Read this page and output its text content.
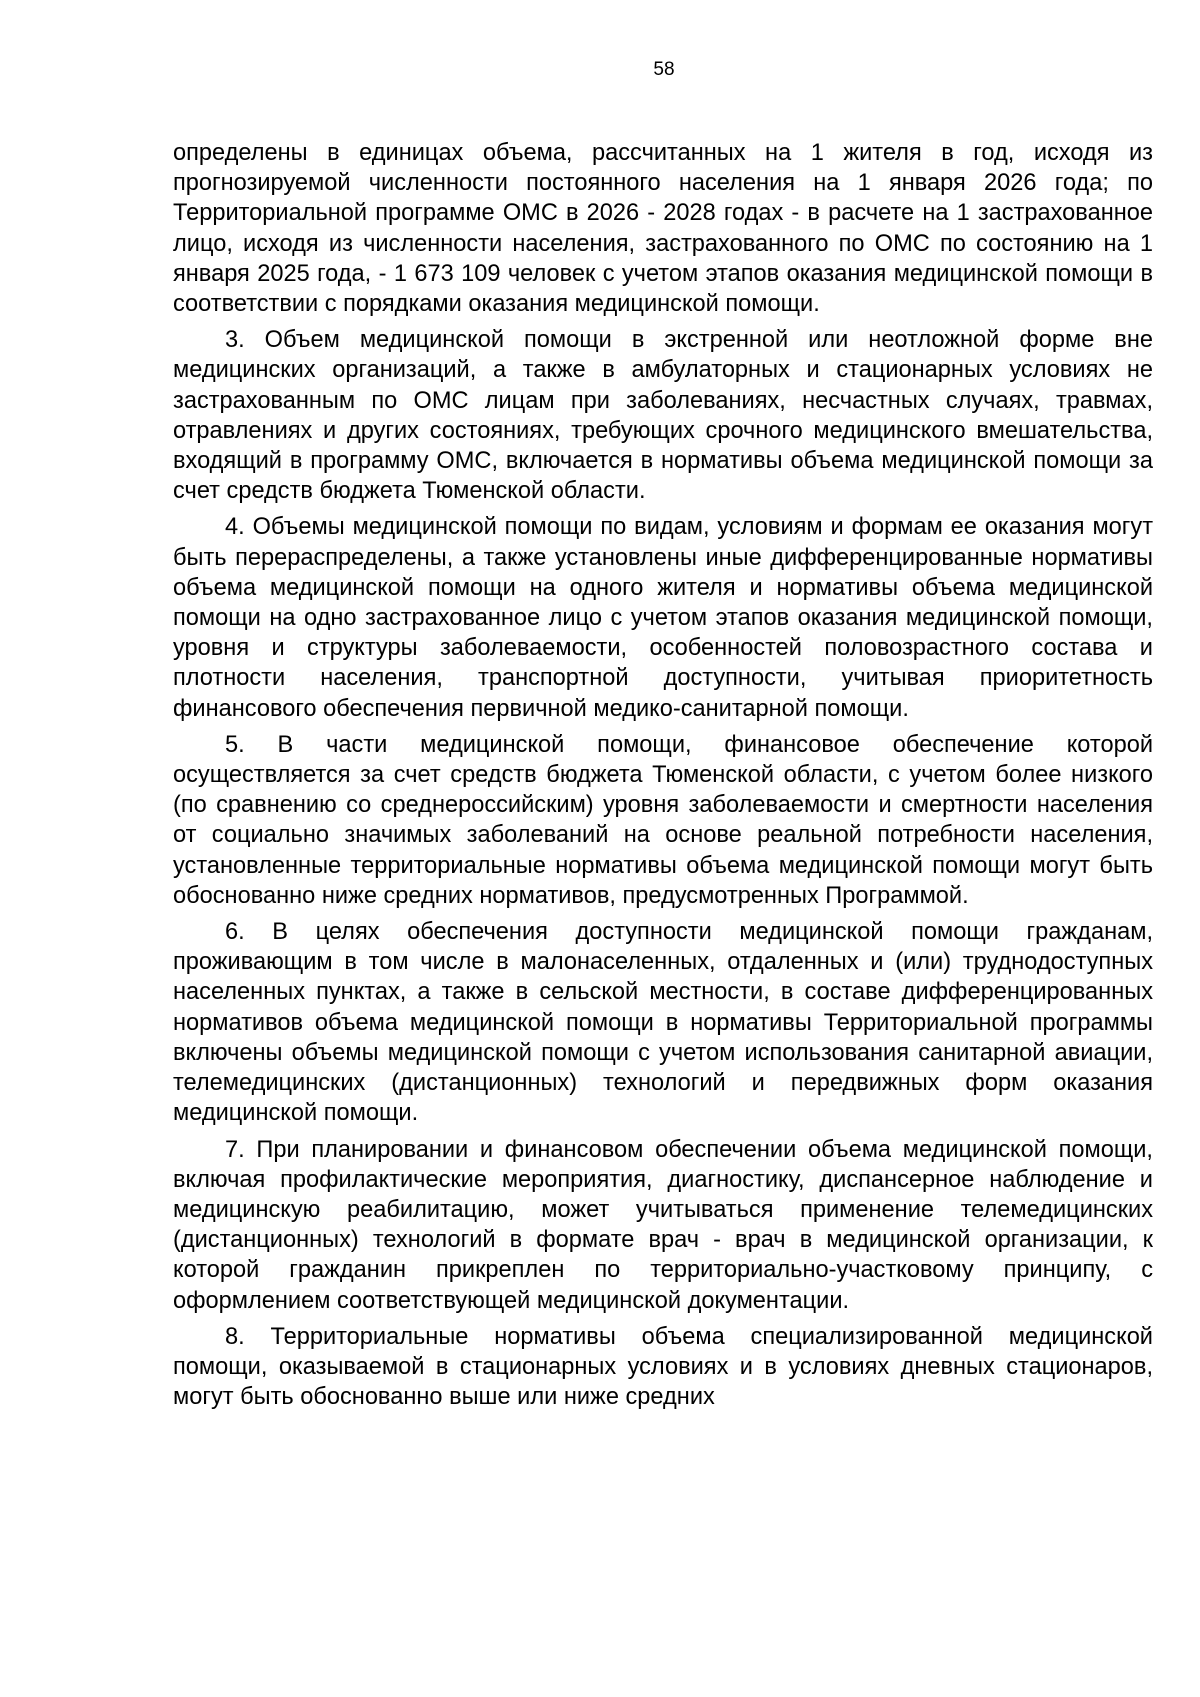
58

определены в единицах объема, рассчитанных на 1 жителя в год, исходя из прогнозируемой численности постоянного населения на 1 января 2026 года; по Территориальной программе ОМС в 2026 - 2028 годах - в расчете на 1 застрахованное лицо, исходя из численности населения, застрахованного по ОМС по состоянию на 1 января 2025 года, - 1 673 109 человек с учетом этапов оказания медицинской помощи в соответствии с порядками оказания медицинской помощи.

3. Объем медицинской помощи в экстренной или неотложной форме вне медицинских организаций, а также в амбулаторных и стационарных условиях не застрахованным по ОМС лицам при заболеваниях, несчастных случаях, травмах, отравлениях и других состояниях, требующих срочного медицинского вмешательства, входящий в программу ОМС, включается в нормативы объема медицинской помощи за счет средств бюджета Тюменской области.

4. Объемы медицинской помощи по видам, условиям и формам ее оказания могут быть перераспределены, а также установлены иные дифференцированные нормативы объема медицинской помощи на одного жителя и нормативы объема медицинской помощи на одно застрахованное лицо с учетом этапов оказания медицинской помощи, уровня и структуры заболеваемости, особенностей половозрастного состава и плотности населения, транспортной доступности, учитывая приоритетность финансового обеспечения первичной медико-санитарной помощи.

5. В части медицинской помощи, финансовое обеспечение которой осуществляется за счет средств бюджета Тюменской области, с учетом более низкого (по сравнению со среднероссийским) уровня заболеваемости и смертности населения от социально значимых заболеваний на основе реальной потребности населения, установленные территориальные нормативы объема медицинской помощи могут быть обоснованно ниже средних нормативов, предусмотренных Программой.

6. В целях обеспечения доступности медицинской помощи гражданам, проживающим в том числе в малонаселенных, отдаленных и (или) труднодоступных населенных пунктах, а также в сельской местности, в составе дифференцированных нормативов объема медицинской помощи в нормативы Территориальной программы включены объемы медицинской помощи с учетом использования санитарной авиации, телемедицинских (дистанционных) технологий и передвижных форм оказания медицинской помощи.

7. При планировании и финансовом обеспечении объема медицинской помощи, включая профилактические мероприятия, диагностику, диспансерное наблюдение и медицинскую реабилитацию, может учитываться применение телемедицинских (дистанционных) технологий в формате врач - врач в медицинской организации, к которой гражданин прикреплен по территориально-участковому принципу, с оформлением соответствующей медицинской документации.

8. Территориальные нормативы объема специализированной медицинской помощи, оказываемой в стационарных условиях и в условиях дневных стационаров, могут быть обоснованно выше или ниже средних
